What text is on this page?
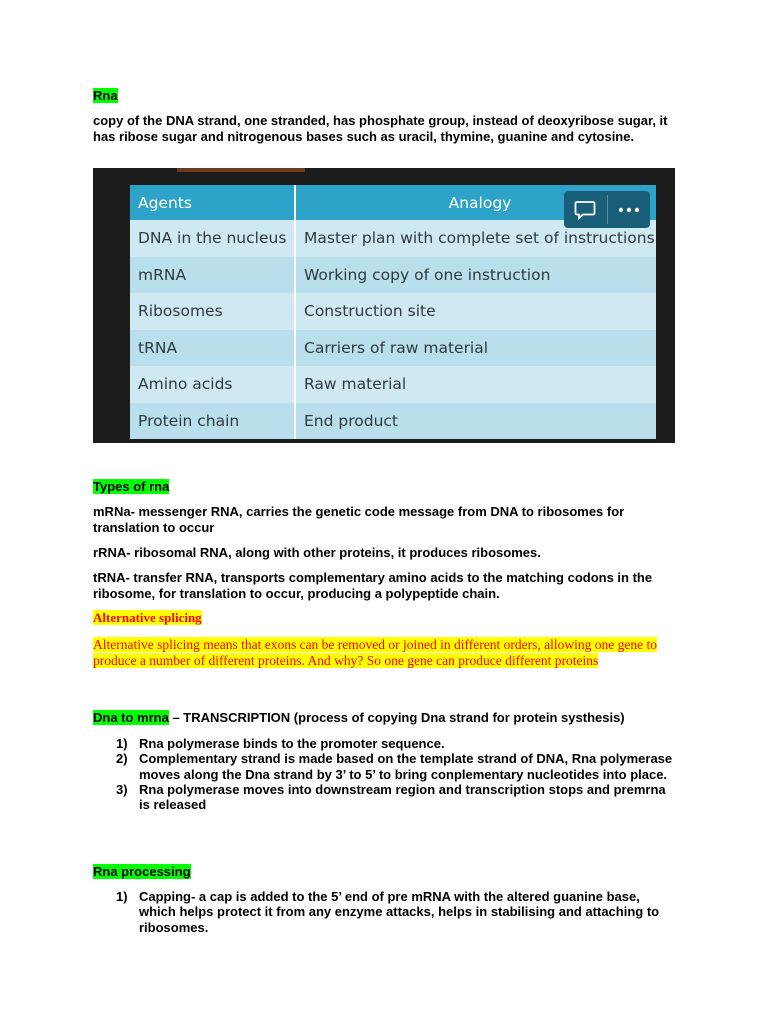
Rna
copy of the DNA strand, one stranded, has phosphate group, instead of deoxyribose sugar, it has ribose sugar and nitrogenous bases such as uracil, thymine, guanine and cytosine.
Agents	Analogy
DNA in the nucleus	Master plan with complete set of instructions
mRNA	Working copy of one instruction
Ribosomes	Construction site
tRNA	Carriers of raw material
Amino acids	Raw material
Protein chain	End product
Types of rna
mRNa- messenger RNA, carries the genetic code message from DNA to ribosomes for translation to occur
rRNA- ribosomal RNA, along with other proteins, it produces ribosomes.
tRNA- transfer RNA, transports complementary amino acids to the matching codons in the ribosome, for translation to occur, producing a polypeptide chain.
Alternative splicing
Alternative splicing means that exons can be removed or joined in different orders, allowing one gene to produce a number of different proteins. And why? So one gene can produce different proteins
Dna to mrna – TRANSCRIPTION (process of copying Dna strand for protein systhesis)
1) Rna polymerase binds to the promoter sequence.
2) Complementary strand is made based on the template strand of DNA, Rna polymerase moves along the Dna strand by 3’ to 5’ to bring conplementary nucleotides into place.
3) Rna polymerase moves into downstream region and transcription stops and premrna is released
Rna processing
1) Capping- a cap is added to the 5’ end of pre mRNA with the altered guanine base, which helps protect it from any enzyme attacks, helps in stabilising and attaching to ribosomes.
